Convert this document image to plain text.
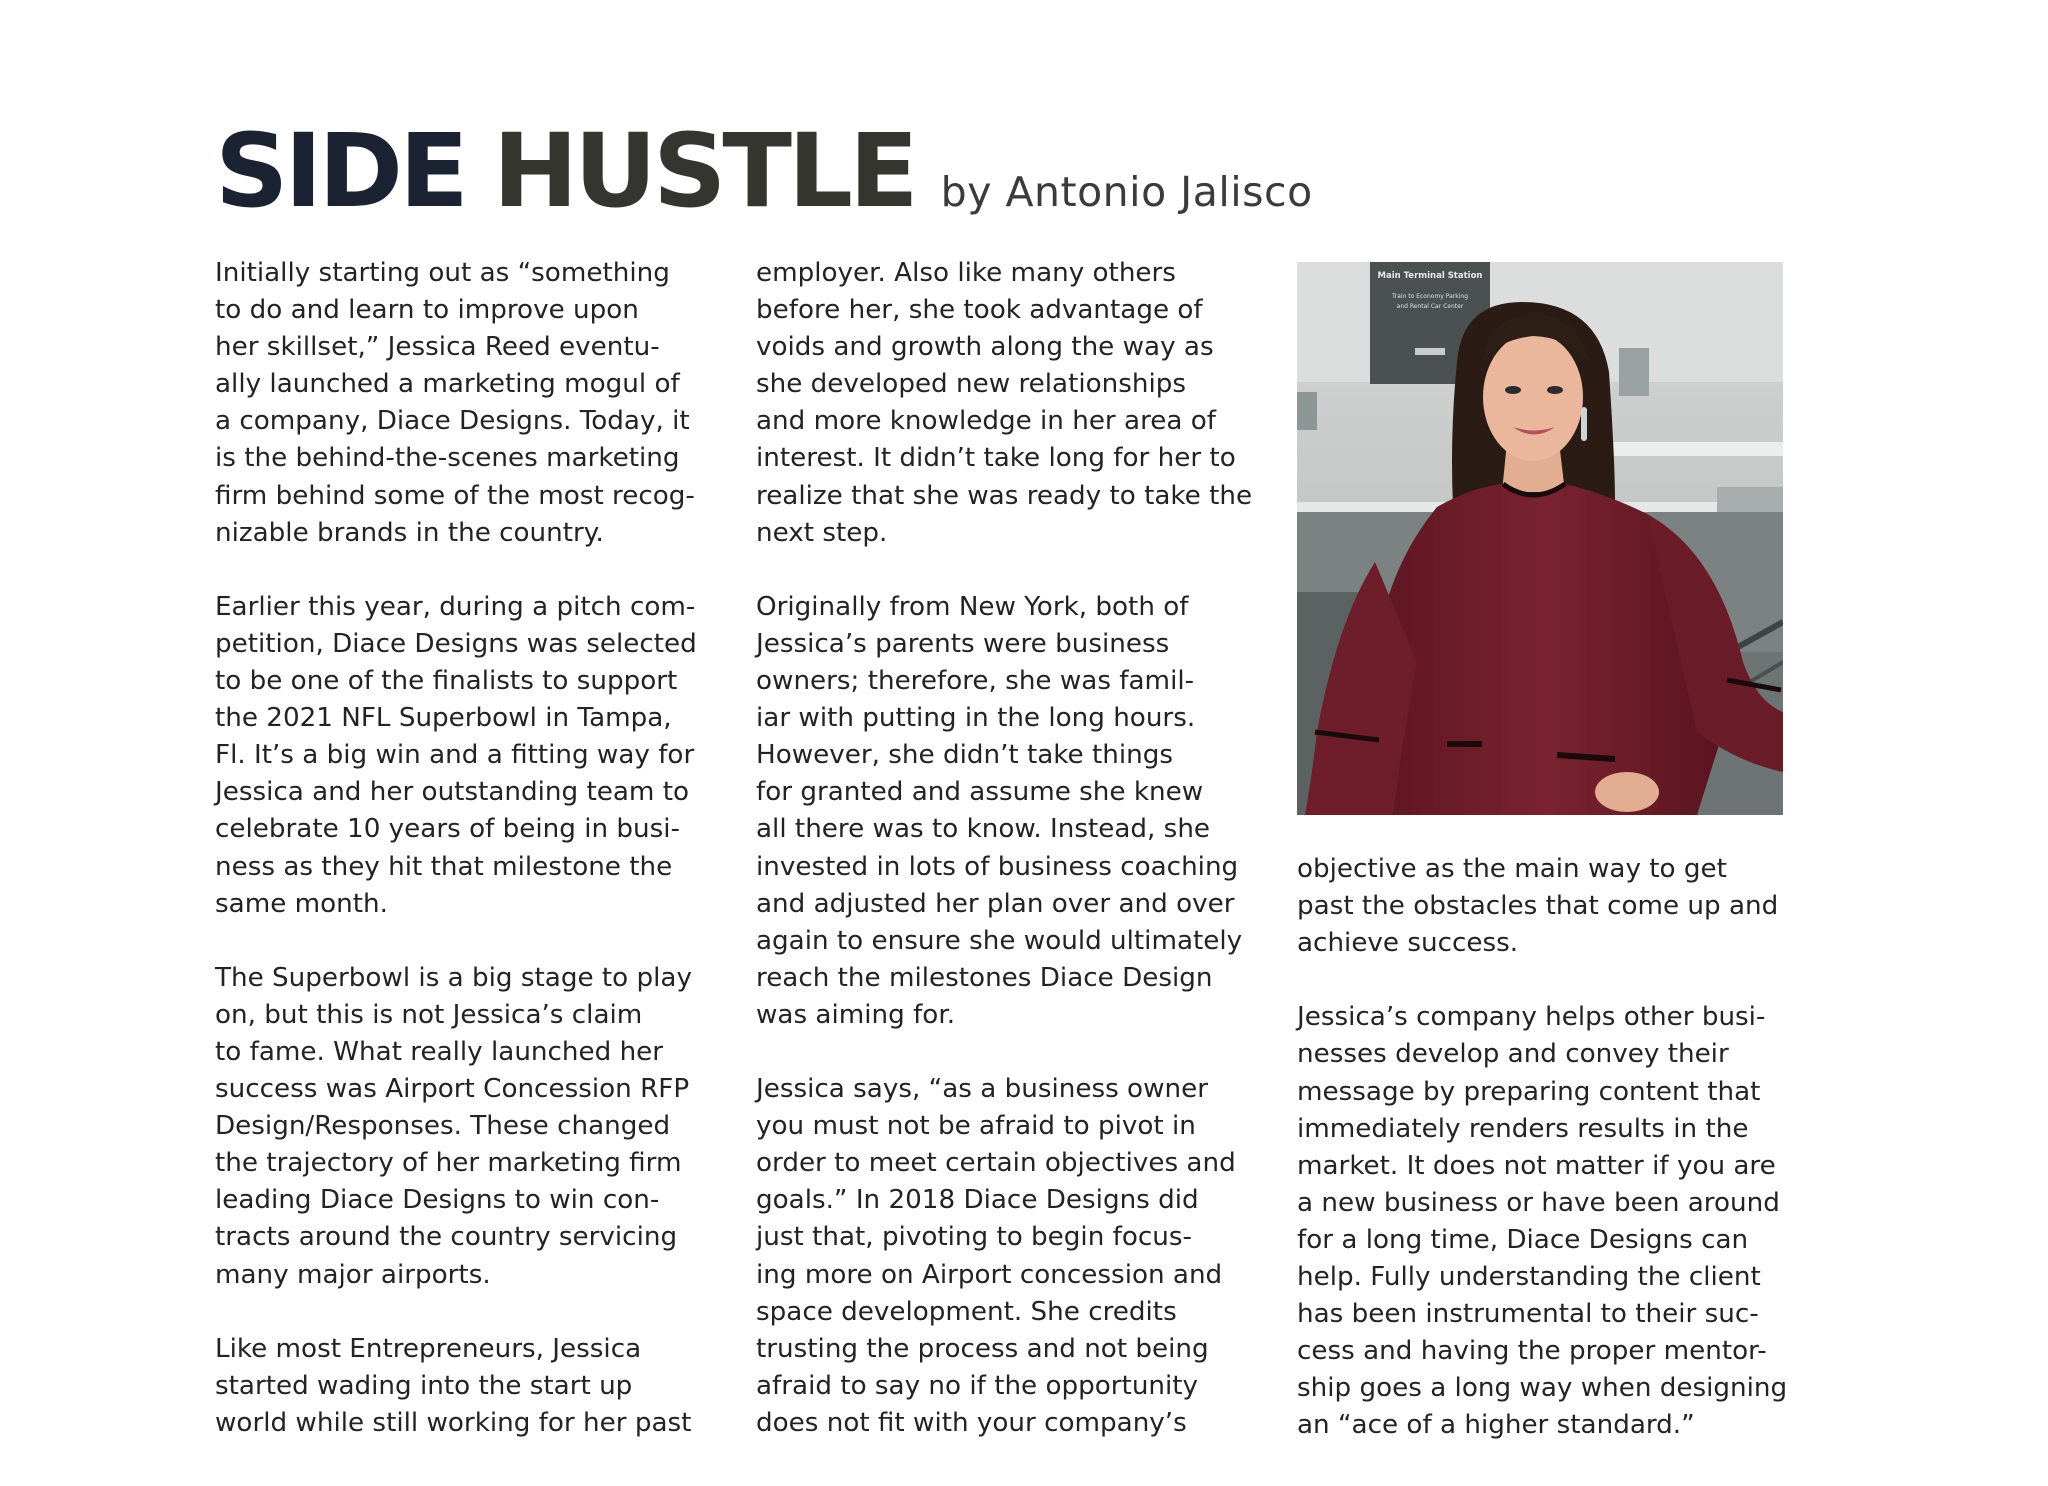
SIDE HUSTLE by Antonio Jalisco

Initially starting out as “something
to do and learn to improve upon
her skillset,” Jessica Reed eventu-
ally launched a marketing mogul of
a company, Diace Designs. Today, it
is the behind-the-scenes marketing
firm behind some of the most recog-
nizable brands in the country.

Earlier this year, during a pitch com-
petition, Diace Designs was selected
to be one of the finalists to support
the 2021 NFL Superbowl in Tampa,
Fl. It’s a big win and a fitting way for
Jessica and her outstanding team to
celebrate 10 years of being in busi-
ness as they hit that milestone the
same month.

The Superbowl is a big stage to play
on, but this is not Jessica’s claim
to fame. What really launched her
success was Airport Concession RFP
Design/Responses. These changed
the trajectory of her marketing firm
leading Diace Designs to win con-
tracts around the country servicing
many major airports.

Like most Entrepreneurs, Jessica
started wading into the start up
world while still working for her past

employer. Also like many others
before her, she took advantage of
voids and growth along the way as
she developed new relationships
and more knowledge in her area of
interest. It didn’t take long for her to
realize that she was ready to take the
next step.

Originally from New York, both of
Jessica’s parents were business
owners; therefore, she was famil-
iar with putting in the long hours.
However, she didn’t take things
for granted and assume she knew
all there was to know. Instead, she
invested in lots of business coaching
and adjusted her plan over and over
again to ensure she would ultimately
reach the milestones Diace Design
was aiming for.

Jessica says, “as a business owner
you must not be afraid to pivot in
order to meet certain objectives and
goals.” In 2018 Diace Designs did
just that, pivoting to begin focus-
ing more on Airport concession and
space development. She credits
trusting the process and not being
afraid to say no if the opportunity
does not fit with your company’s

objective as the main way to get
past the obstacles that come up and
achieve success.

Jessica’s company helps other busi-
nesses develop and convey their
message by preparing content that
immediately renders results in the
market. It does not matter if you are
a new business or have been around
for a long time, Diace Designs can
help. Fully understanding the client
has been instrumental to their suc-
cess and having the proper mentor-
ship goes a long way when designing
an “ace of a higher standard.”

Main Terminal Station
Train to Economy Parking
and Rental Car Center
